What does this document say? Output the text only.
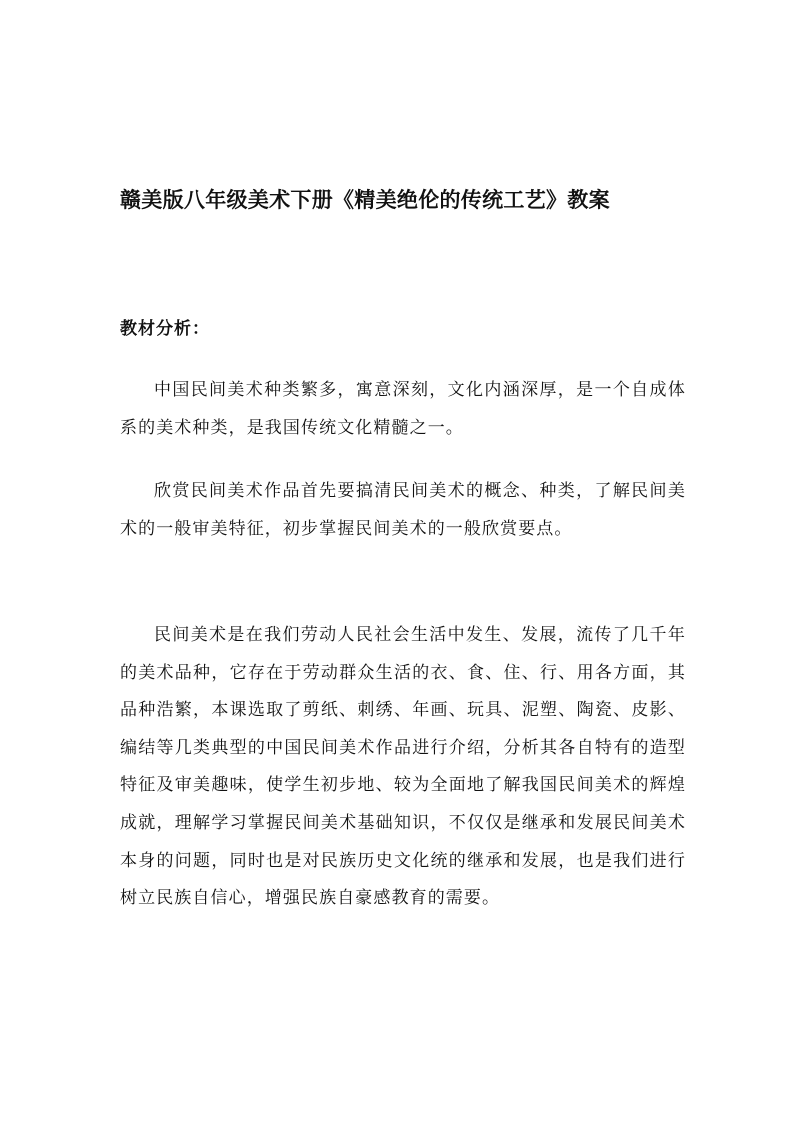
赣美版八年级美术下册《精美绝伦的传统工艺》教案
教材分析：

中国民间美术种类繁多，寓意深刻，文化内涵深厚，是一个自成体系的美术种类，是我国传统文化精髓之一。

欣赏民间美术作品首先要搞清民间美术的概念、种类，了解民间美术的一般审美特征，初步掌握民间美术的一般欣赏要点。

民间美术是在我们劳动人民社会生活中发生、发展，流传了几千年的美术品种，它存在于劳动群众生活的衣、食、住、行、用各方面，其品种浩繁，本课选取了剪纸、刺绣、年画、玩具、泥塑、陶瓷、皮影、编结等几类典型的中国民间美术作品进行介绍，分析其各自特有的造型特征及审美趣味，使学生初步地、较为全面地了解我国民间美术的辉煌成就，理解学习掌握民间美术基础知识，不仅仅是继承和发展民间美术本身的问题，同时也是对民族历史文化统的继承和发展，也是我们进行树立民族自信心，增强民族自豪感教育的需要。
